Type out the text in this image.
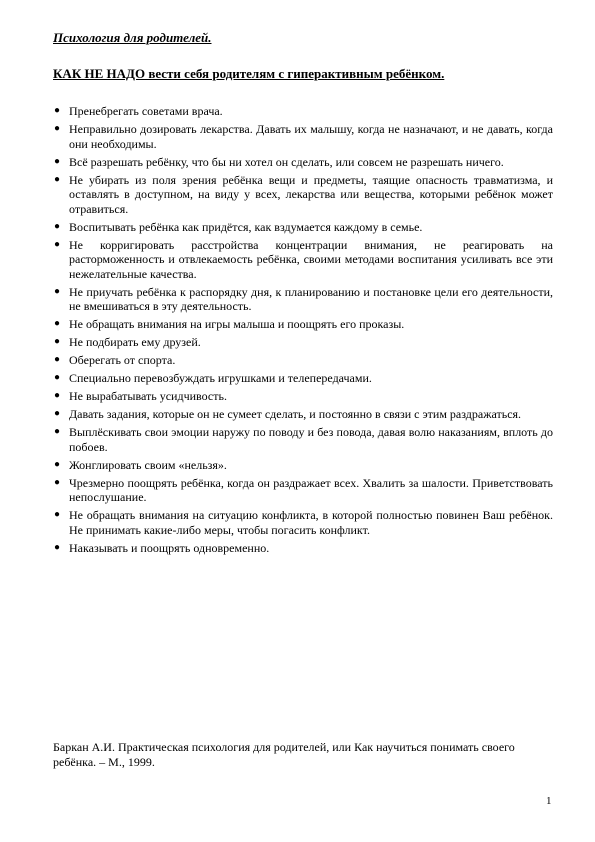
Психология для родителей.
КАК НЕ НАДО вести себя родителям с гиперактивным ребёнком.
● Пренебрегать советами врача.
● Неправильно дозировать лекарства. Давать их малышу, когда не назначают, и не давать, когда они необходимы.
● Всё разрешать ребёнку, что бы ни хотел он сделать, или совсем не разрешать ничего.
● Не убирать из поля зрения ребёнка вещи и предметы, таящие опасность травматизма, и оставлять в доступном, на виду у всех, лекарства или вещества, которыми ребёнок может отравиться.
● Воспитывать ребёнка как придётся, как вздумается каждому в семье.
● Не корригировать расстройства концентрации внимания, не реагировать на расторможенность и отвлекаемость ребёнка, своими методами воспитания усиливать все эти нежелательные качества.
● Не приучать ребёнка к распорядку дня, к планированию и постановке цели его деятельности, не вмешиваться в эту деятельность.
● Не обращать внимания на игры малыша и поощрять его проказы.
● Не подбирать ему друзей.
● Оберегать от спорта.
● Специально перевозбуждать игрушками и телепередачами.
● Не вырабатывать усидчивость.
● Давать задания, которые он не сумеет сделать, и постоянно в связи с этим раздражаться.
● Выплёскивать свои эмоции наружу по поводу и без повода, давая волю наказаниям, вплоть до побоев.
● Жонглировать своим «нельзя».
● Чрезмерно поощрять ребёнка, когда он раздражает всех. Хвалить за шалости. Приветствовать непослушание.
● Не обращать внимания на ситуацию конфликта, в которой полностью повинен Ваш ребёнок. Не принимать какие-либо меры, чтобы погасить конфликт.
● Наказывать и поощрять одновременно.
Баркан А.И. Практическая психология для родителей, или Как научиться понимать своего ребёнка. – М., 1999.
1
